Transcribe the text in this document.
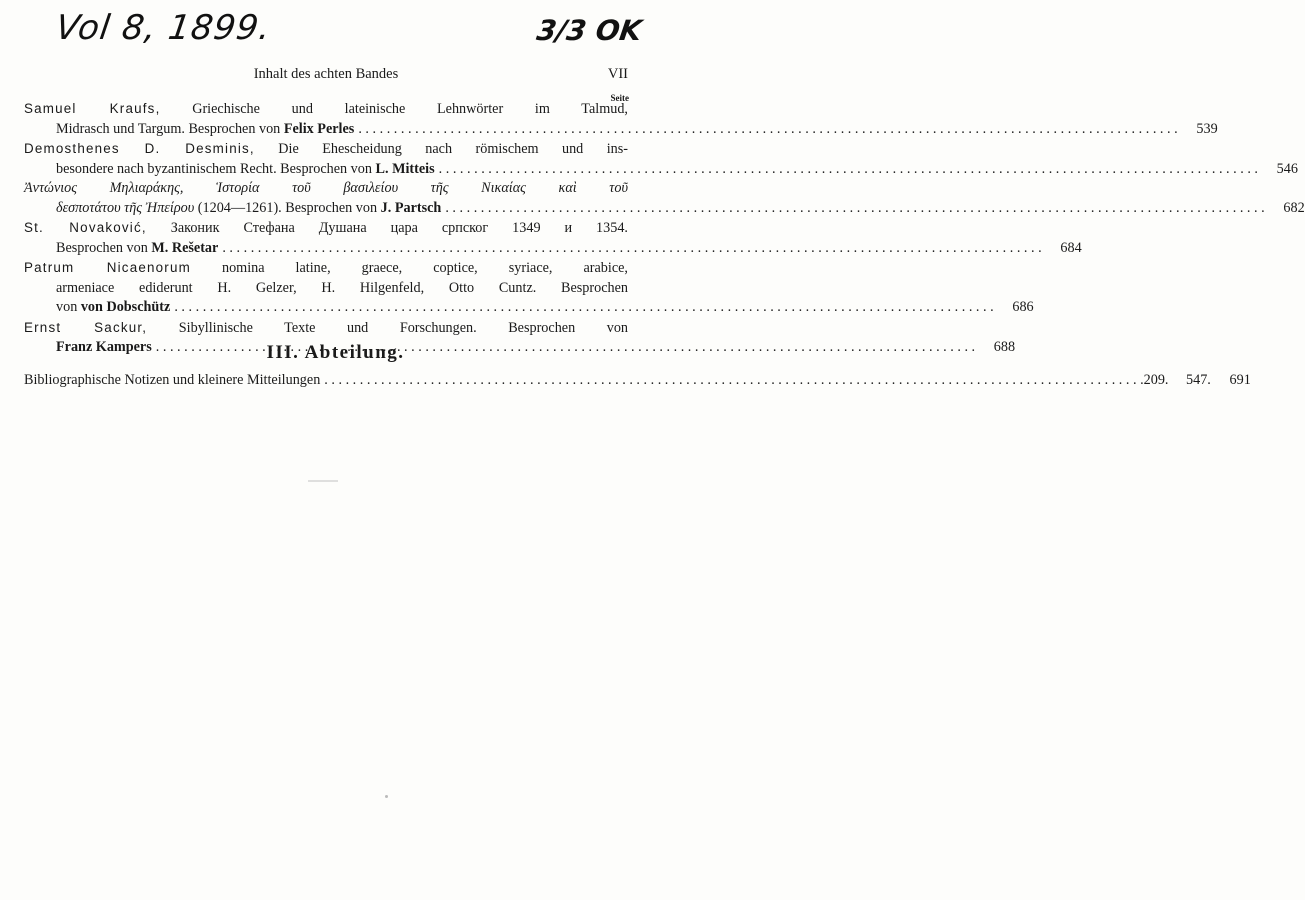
Vol 8, 1899.	3/3 OK
Inhalt des achten Bandes	VII
Seite
Samuel Kraufs, Griechische und lateinische Lehnwörter im Talmud,
Midrasch und Targum. Besprochen von Felix Perles . . .	539
Demosthenes D. Desminis, Die Ehescheidung nach römischem und ins-
besondere nach byzantinischem Recht. Besprochen von L. Mitteis . . .	546
Ἀντώνιος Μηλιαράκης, Ἱστορία τοῦ βασιλείου τῆς Νικαίας καὶ τοῦ
δεσποτάτου τῆς Ἠπείρου (1204—1261). Besprochen von J. Partsch . . .	682
St. Novaković, Законик Стефана Душана цара српског 1349 и 1354.
Besprochen von M. Rešetar . . .	684
Patrum Nicaenorum nomina latine, graece, coptice, syriace, arabice,
armeniace ediderunt H. Gelzer, H. Hilgenfeld, Otto Cuntz. Besprochen
von von Dobschütz . . .	686
Ernst Sackur, Sibyllinische Texte und Forschungen. Besprochen von
Franz Kampers . . .	688
III. Abteilung.
Bibliographische Notizen und kleinere Mitteilungen . . .	209. 547.	691
